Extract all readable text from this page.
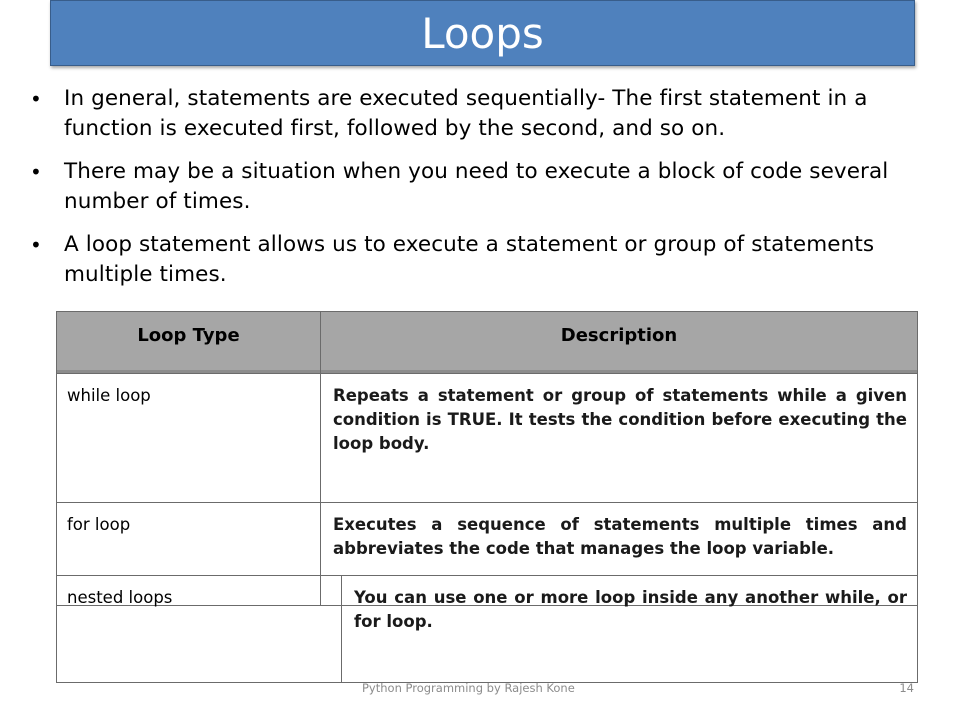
Loops
• In general, statements are executed sequentially- The first statement in a function is executed first, followed by the second, and so on.
• There may be a situation when you need to execute a block of code several number of times.
• A loop statement allows us to execute a statement or group of statements multiple times.
Loop Type	Description
while loop	Repeats a statement or group of statements while a given condition is TRUE. It tests the condition before executing the loop body.
for loop	Executes a sequence of statements multiple times and abbreviates the code that manages the loop variable.
nested loops	You can use one or more loop inside any another while, or for loop.
Python Programming by Rajesh Kone	14
